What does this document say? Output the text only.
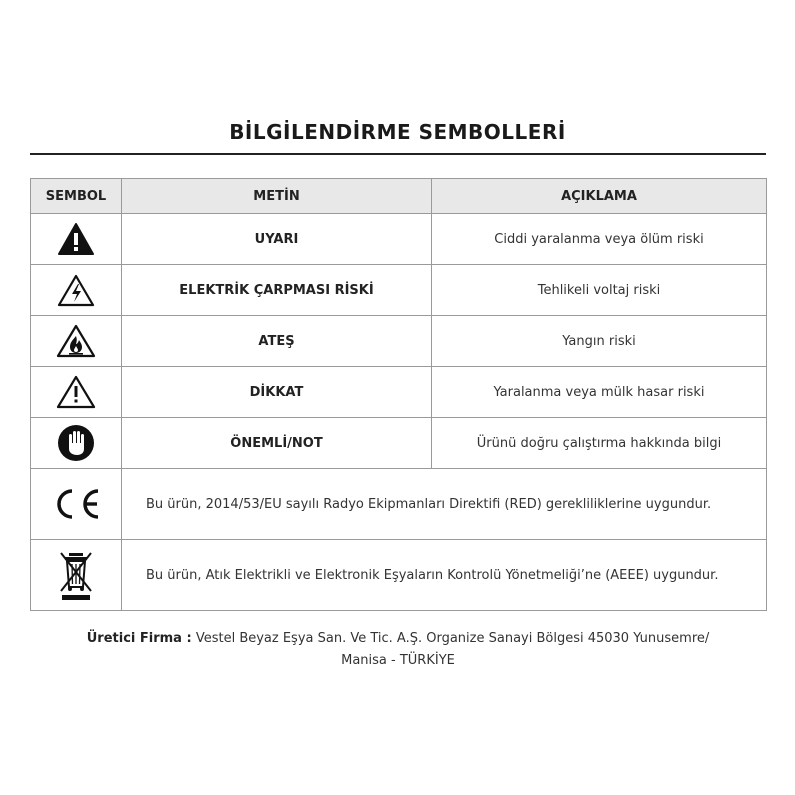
BİLGİLENDİRME SEMBOLLERİ
SEMBOL	METİN	AÇIKLAMA

	UYARI	Ciddi yaralanma veya ölüm riski

	ELEKTRİK ÇARPMASI RİSKİ	Tehlikeli voltaj riski

	ATEŞ	Yangın riski

	DİKKAT	Yaralanma veya mülk hasar riski

	ÖNEMLİ/NOT	Ürünü doğru çalıştırma hakkında bilgi

	Bu ürün, 2014/53/EU sayılı Radyo Ekipmanları Direktifi (RED) gerekliliklerine uygundur.	

	Bu ürün, Atık Elektrikli ve Elektronik Eşyaların Kontrolü Yönetmeliği’ne (AEEE) uygundur.	
Üretici Firma : Vestel Beyaz Eşya San. Ve Tic. A.Ş. Organize Sanayi Bölgesi 45030 Yunusemre/
Manisa - TÜRKİYE
